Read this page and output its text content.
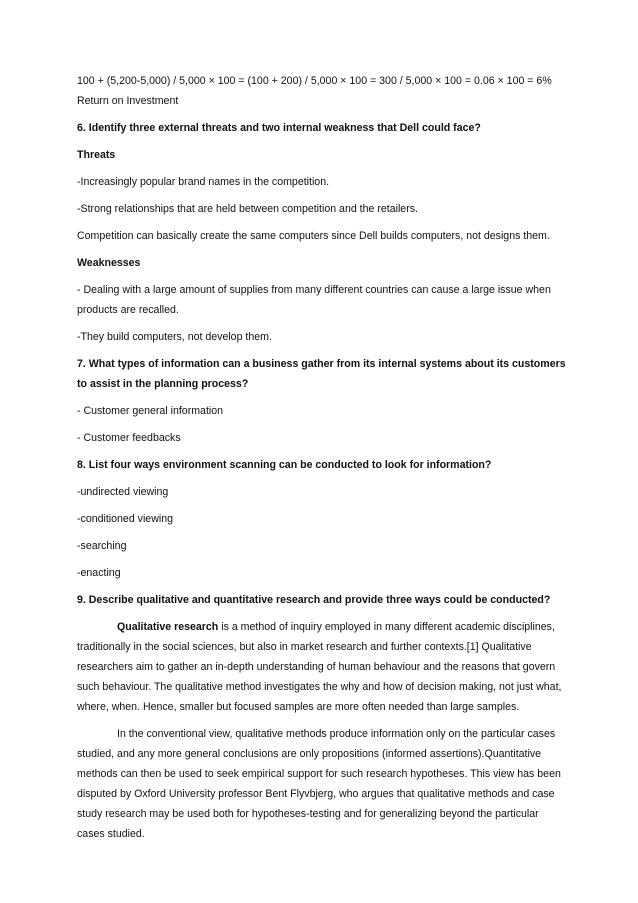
100 + (5,200-5,000) / 5,000 × 100 = (100 + 200) / 5,000 × 100 = 300 / 5,000 × 100 = 0.06 × 100 = 6%

Return on Investment

6. Identify three external threats and two internal weakness that Dell could face?

Threats

-Increasingly popular brand names in the competition.

-Strong relationships that are held between competition and the retailers.

Competition can basically create the same computers since Dell builds computers, not designs them.

Weaknesses

- Dealing with a large amount of supplies from many different countries can cause a large issue when products are recalled.

-They build computers, not develop them.

7. What types of information can a business gather from its internal systems about its customers to assist in the planning process?

- Customer general information

- Customer feedbacks

8. List four ways environment scanning can be conducted to look for information?

-undirected viewing

-conditioned viewing

-searching

-enacting

9. Describe qualitative and quantitative research and provide three ways could be conducted?

Qualitative research is a method of inquiry employed in many different academic disciplines, traditionally in the social sciences, but also in market research and further contexts.[1] Qualitative researchers aim to gather an in-depth understanding of human behaviour and the reasons that govern such behaviour. The qualitative method investigates the why and how of decision making, not just what, where, when. Hence, smaller but focused samples are more often needed than large samples.

In the conventional view, qualitative methods produce information only on the particular cases studied, and any more general conclusions are only propositions (informed assertions).Quantitative methods can then be used to seek empirical support for such research hypotheses. This view has been disputed by Oxford University professor Bent Flyvbjerg, who argues that qualitative methods and case study research may be used both for hypotheses-testing and for generalizing beyond the particular cases studied.
